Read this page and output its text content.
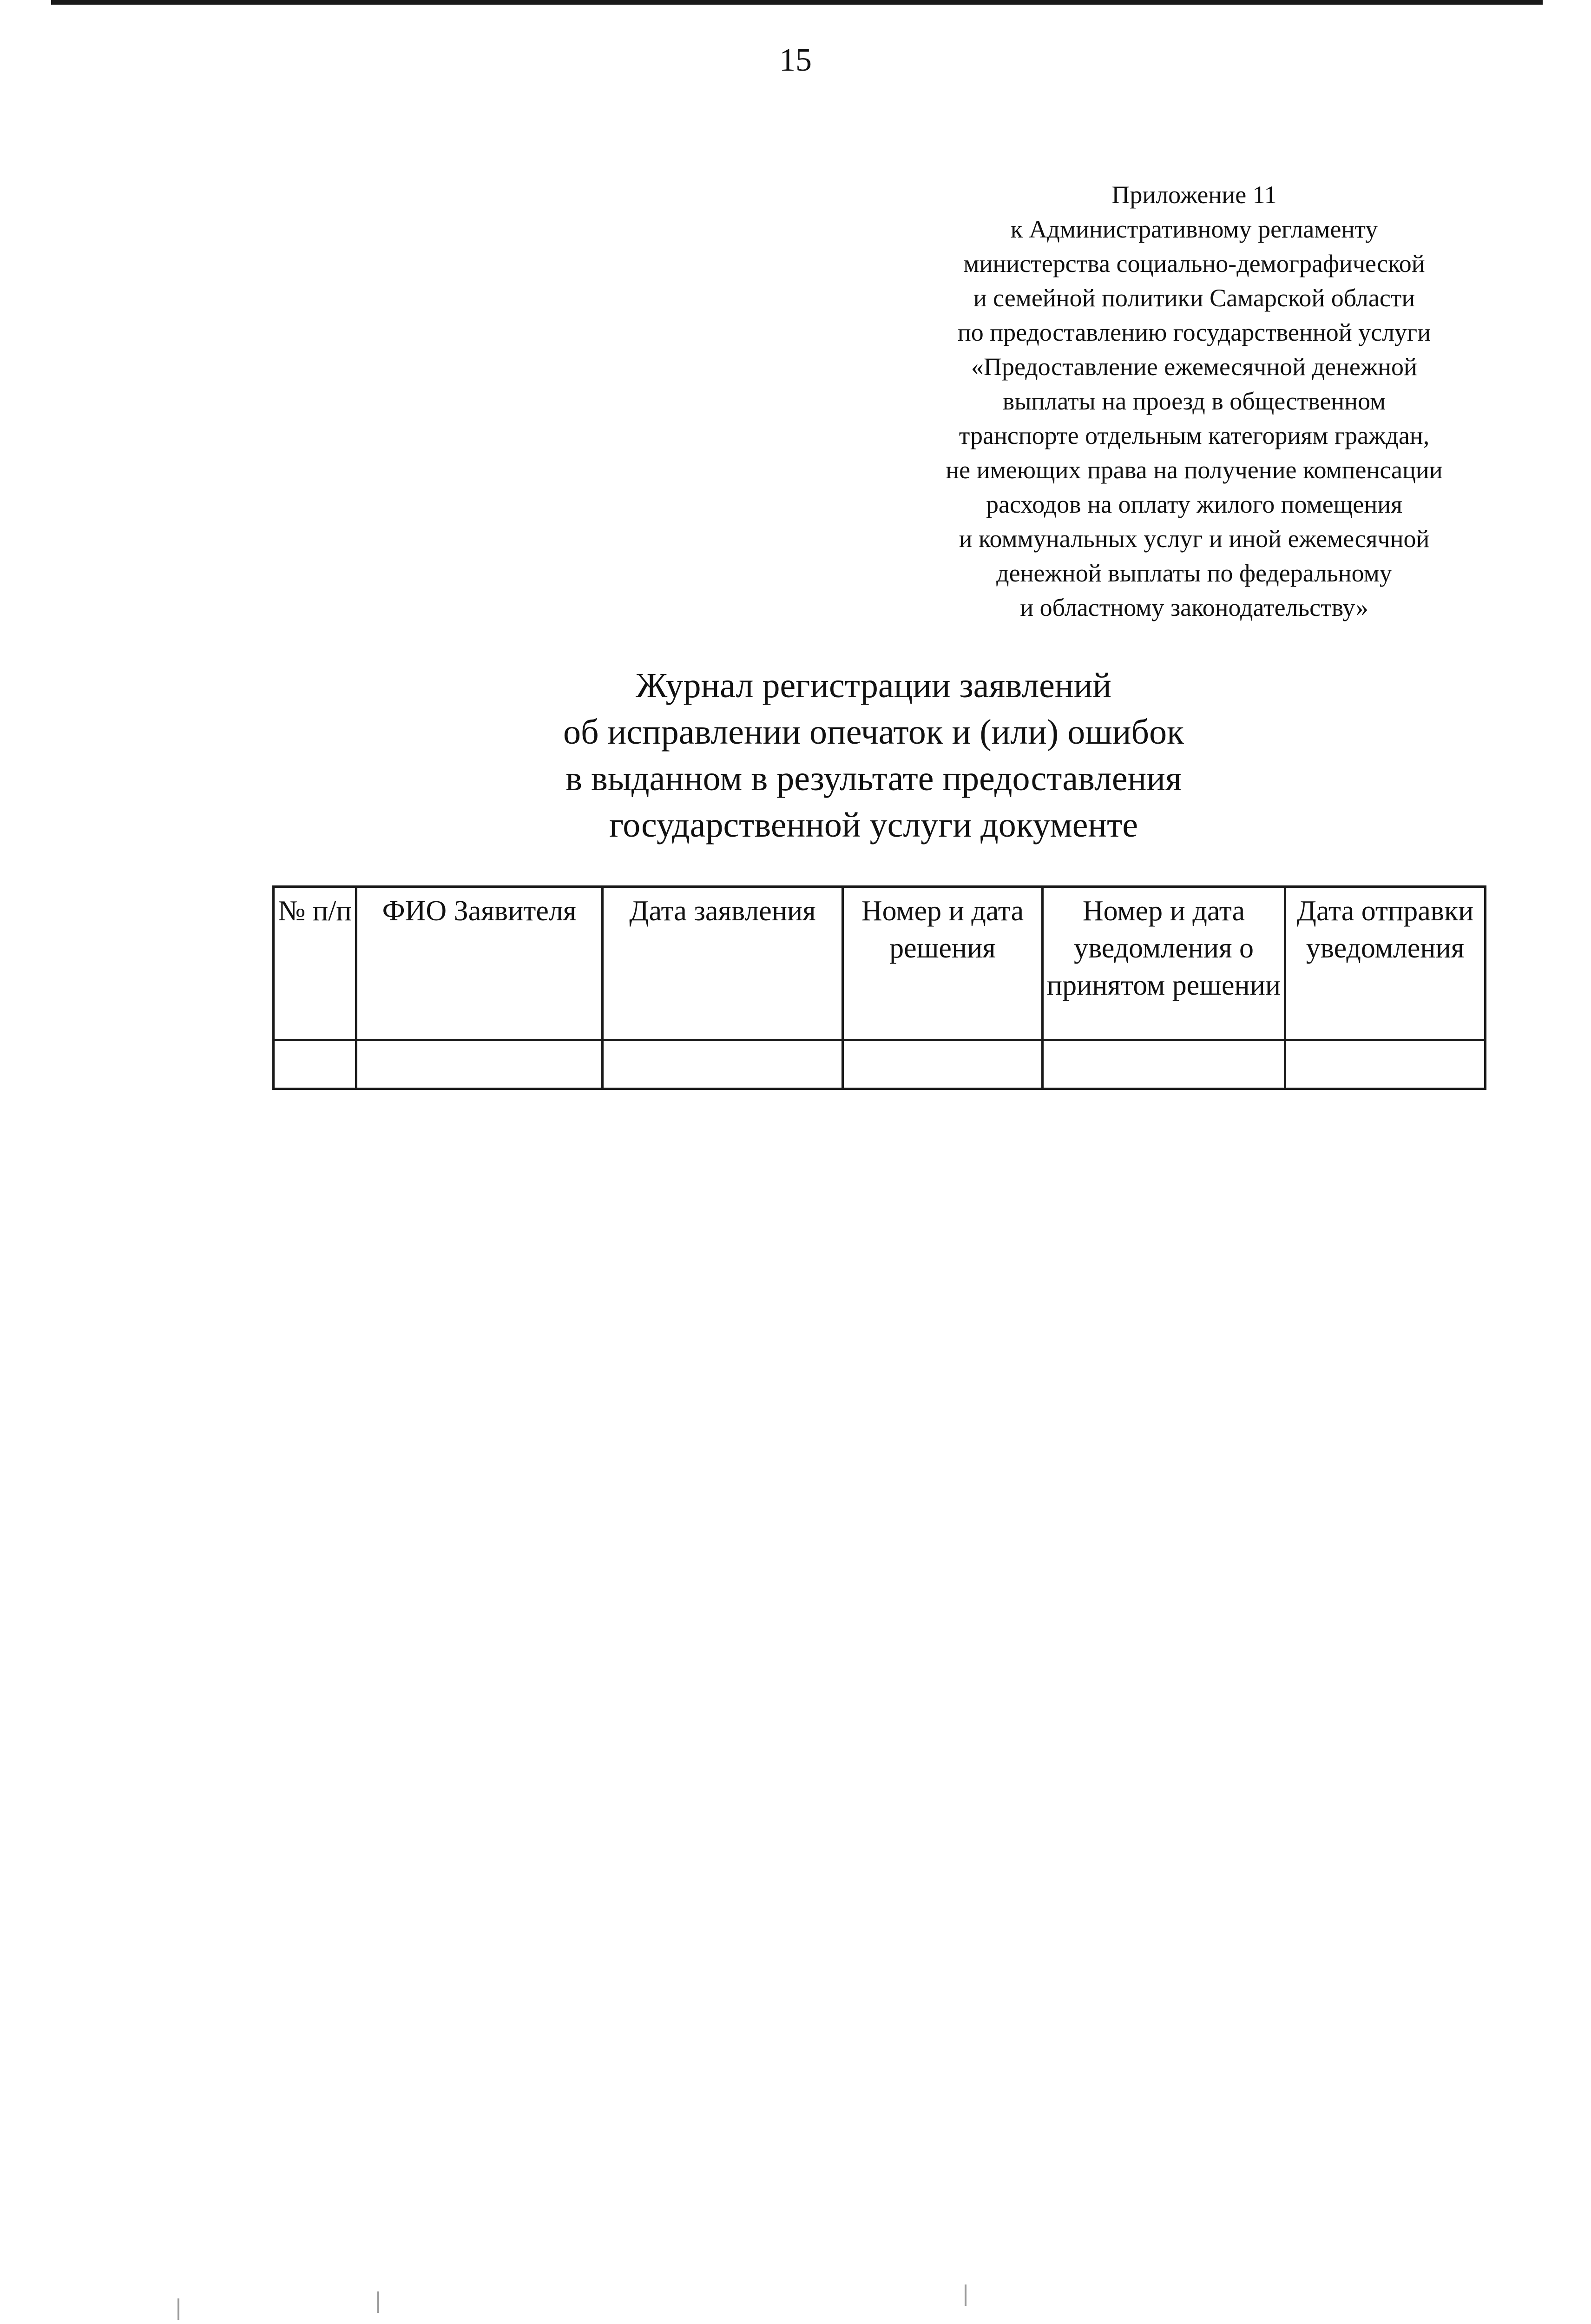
15
Приложение 11
к Административному регламенту
министерства социально-демографической
и семейной политики Самарской области
по предоставлению государственной услуги
«Предоставление ежемесячной денежной
выплаты на проезд в общественном
транспорте отдельным категориям граждан,
не имеющих права на получение компенсации
расходов на оплату жилого помещения
и коммунальных услуг и иной ежемесячной
денежной выплаты по федеральному
и областному законодательству»
Журнал регистрации заявлений
об исправлении опечаток и (или) ошибок
в выданном в результате предоставления
государственной услуги документе
№ п/п	ФИО Заявителя	Дата заявления	Номер и дата решения	Номер и дата уведомления о принятом решении	Дата отправки уведомления
